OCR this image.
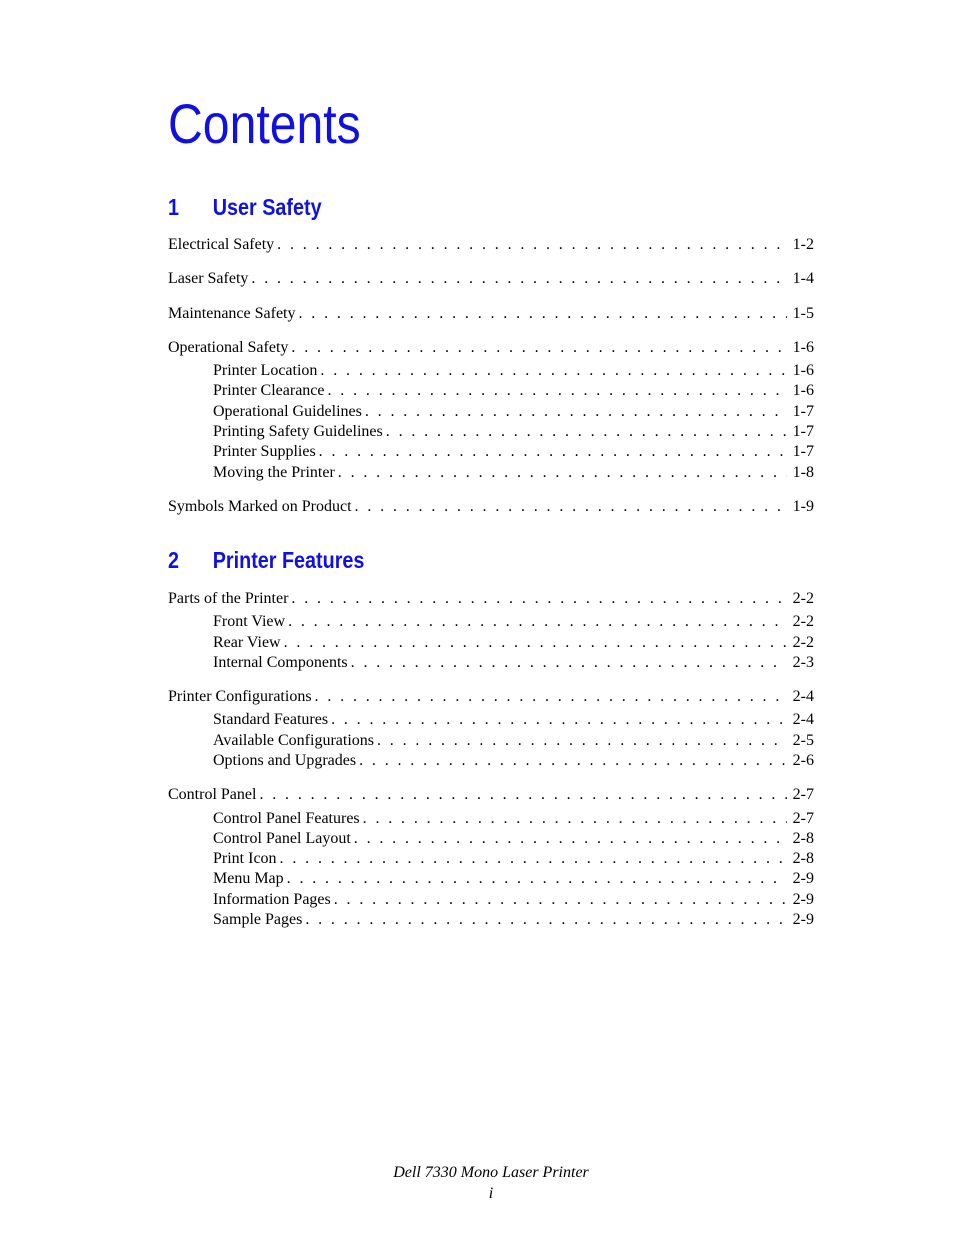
Contents
1 User Safety
Electrical Safety . . .	1-2
Laser Safety . . .	1-4
Maintenance Safety . . .	1-5
Operational Safety . . .	1-6
Printer Location . . .	1-6
Printer Clearance . . .	1-6
Operational Guidelines . . .	1-7
Printing Safety Guidelines . . .	1-7
Printer Supplies . . .	1-7
Moving the Printer . . .	1-8
Symbols Marked on Product . . .	1-9
2 Printer Features
Parts of the Printer . . .	2-2
Front View . . .	2-2
Rear View . . .	2-2
Internal Components . . .	2-3
Printer Configurations . . .	2-4
Standard Features . . .	2-4
Available Configurations . . .	2-5
Options and Upgrades . . .	2-6
Control Panel . . .	2-7
Control Panel Features . . .	2-7
Control Panel Layout . . .	2-8
Print Icon . . .	2-8
Menu Map . . .	2-9
Information Pages . . .	2-9
Sample Pages . . .	2-9

Dell 7330 Mono Laser Printer

i
